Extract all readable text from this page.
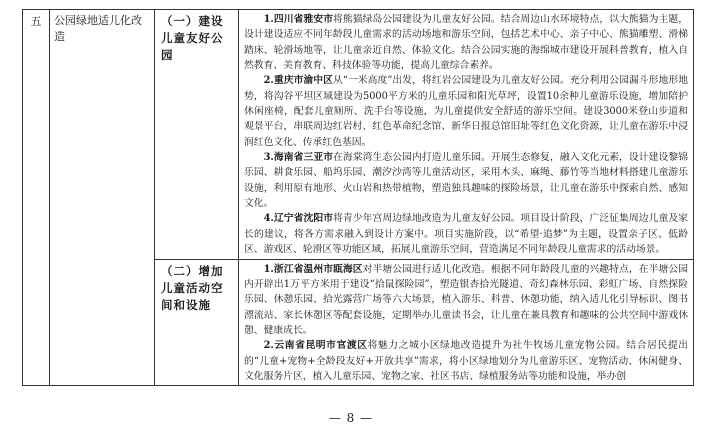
五	公园绿地适儿化改造	（一）建设儿童友好公园	1.四川省雅安市将熊猫绿岛公园建设为儿童友好公园。结合周边山水环境特点，以大熊猫为主题，设计建设适应不同年龄段儿童需求的活动场地和游乐空间，包括艺术中心、亲子中心、熊猫雕塑、滑梯踏床、轮滑场地等，让儿童亲近自然、体验文化。结合公园实施的海绵城市建设开展科普教育，植入自然教育、美育教育、科技体验等功能，提高儿童综合素养。

2.重庆市渝中区从“一米高度”出发，将红岩公园建设为儿童友好公园。充分利用公园漏斗形地形地势，将沟谷平坦区域建设为5000平方米的儿童乐园和阳光草坪，设置10余种儿童游乐设施，增加陪护休闲座椅，配套儿童厕所、洗手台等设施，为儿童提供安全舒适的游乐空间。建设3000米登山步道和观景平台，串联周边红岩村、红色革命纪念馆、新华日报总馆旧址等红色文化资源，让儿童在游乐中浸润红色文化、传承红色基因。

3.海南省三亚市在海棠湾生态公园内打造儿童乐园。开展生态修复，融入文化元素，设计建设黎锦乐园、耕食乐园、船坞乐园、潮汐沙湾等儿童活动区，采用木头、麻绳、藤竹等当地材料搭建儿童游乐设施，利用原有地形、火山岩和热带植物，塑造独具趣味的探险场景，让儿童在游乐中探索自然、感知文化。

4.辽宁省沈阳市将青少年宫周边绿地改造为儿童友好公园。项目设计阶段，广泛征集周边儿童及家长的建议，将各方需求融入到设计方案中。项目实施阶段，以“希望·追梦”为主题，设置亲子区、低龄区、游戏区、轮滑区等功能区域，拓展儿童游乐空间，营造满足不同年龄段儿童需求的活动场景。

		（二）增加儿童活动空间和设施	1.浙江省温州市瓯海区对半塘公园进行适儿化改造。根据不同年龄段儿童的兴趣特点，在半塘公园内开辟出1万平方米用于建设“拾鼠探险园”，塑造银杏拾光隧道、奇幻森林乐园、彩虹广场、自然探险乐园、休憩乐园、拾光露营广场等六大场景，植入游乐、科普、休憩功能，纳入适儿化引导标识、图书漂流站、家长休憩区等配套设施，定期举办儿童读书会，让儿童在兼具教育和趣味的公共空间中游戏休憩、健康成长。

2.云南省昆明市官渡区将魅力之城小区绿地改造提升为社牛牧场儿童宠物公园。结合居民提出的“儿童+宠物+全龄段友好+开放共享”需求，将小区绿地划分为儿童游乐区、宠物活动、休闲健身、文化服务片区，植入儿童乐园、宠物之家、社区书店、绿植服务站等功能和设施，举办创

— 8 —
